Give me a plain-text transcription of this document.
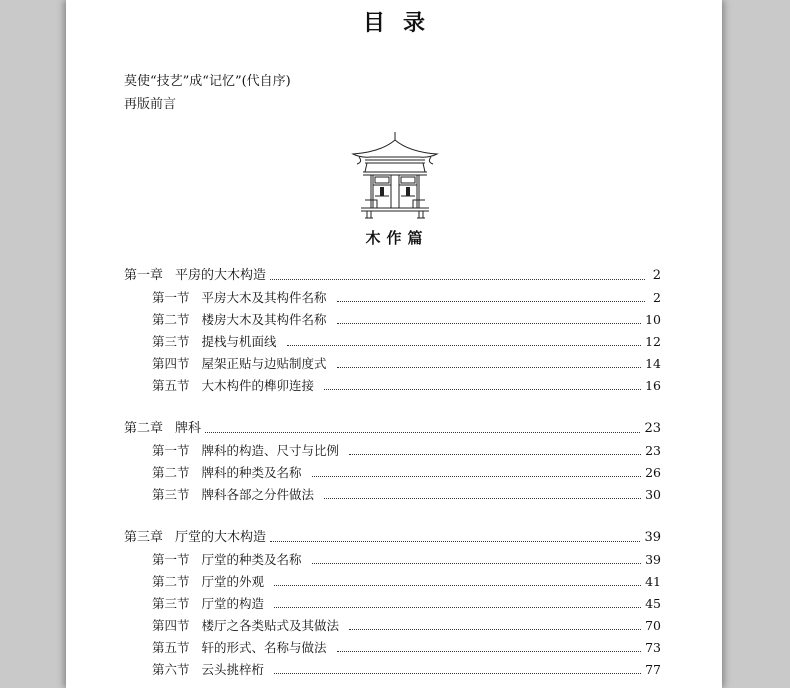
目录
莫使“技艺”成“记忆”(代自序)
再版前言
木作篇
第一章 平房的大木构造	2
第一节 平房大木及其构件名称	2
第二节 楼房大木及其构件名称	10
第三节 提栈与机面线	12
第四节 屋架正贴与边贴制度式	14
第五节 大木构件的榫卯连接	16
第二章 牌科	23
第一节 牌科的构造、尺寸与比例	23
第二节 牌科的种类及名称	26
第三节 牌科各部之分件做法	30
第三章 厅堂的大木构造	39
第一节 厅堂的种类及名称	39
第二节 厅堂的外观	41
第三节 厅堂的构造	45
第四节 楼厅之各类贴式及其做法	70
第五节 轩的形式、名称与做法	73
第六节 云头挑梓桁	77
